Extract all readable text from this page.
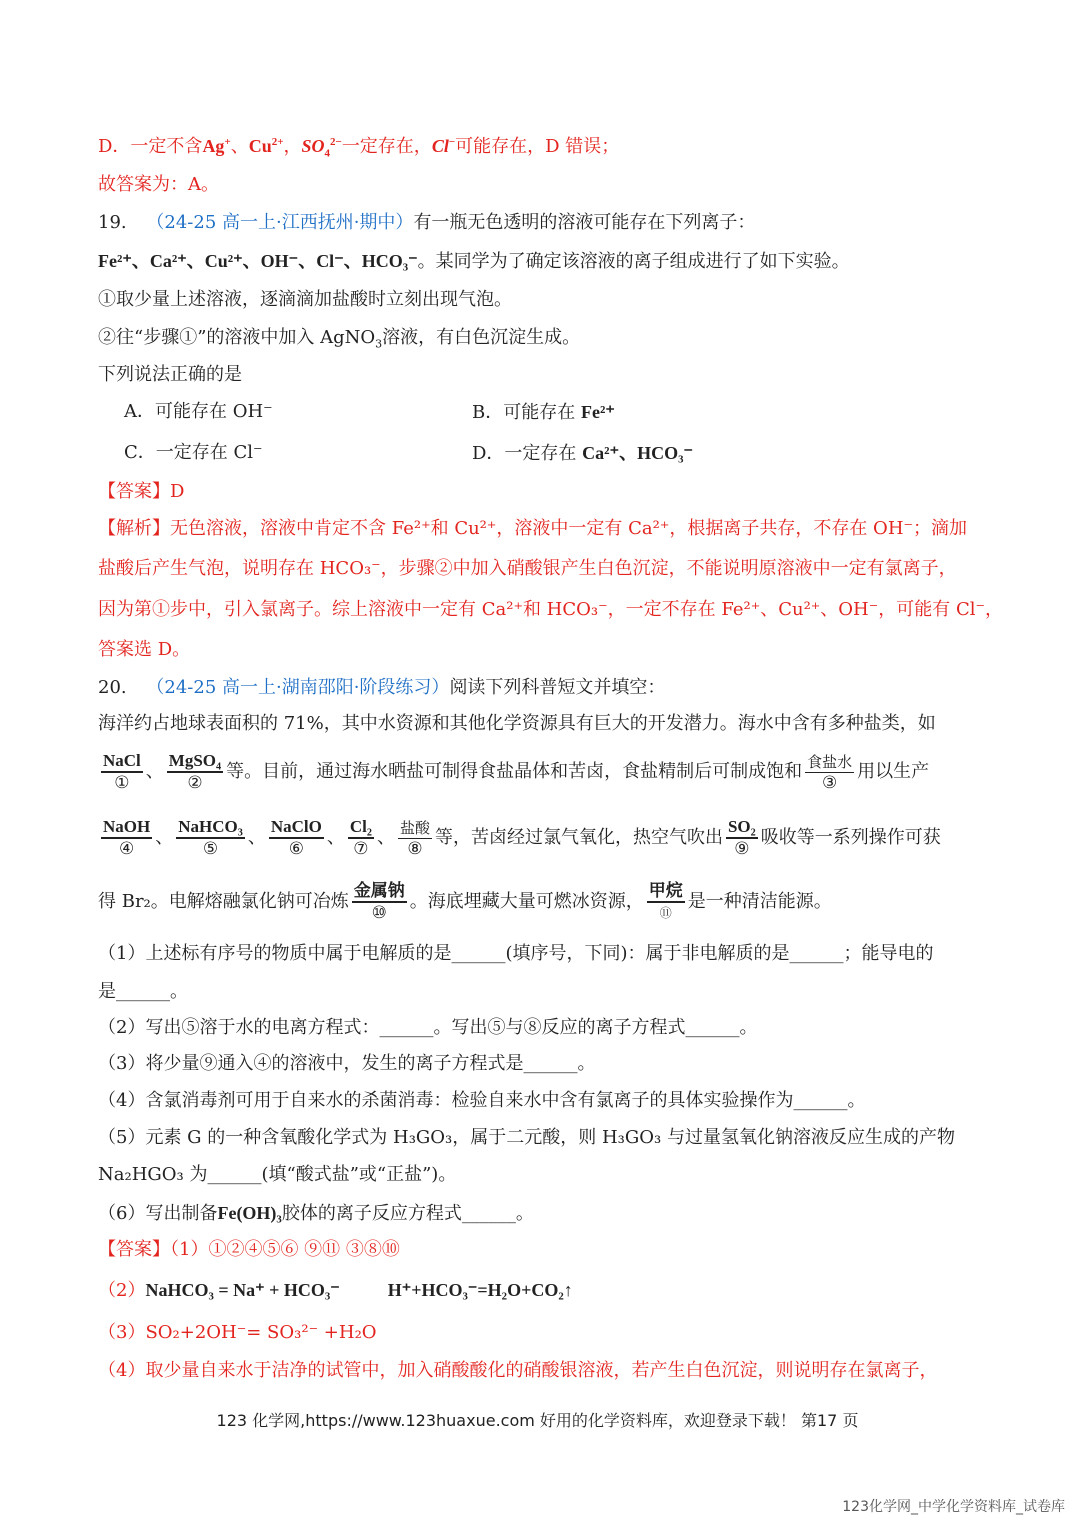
D．一定不含Ag+、$Cu^{2+}$，$SO_4^{2-}$一定存在，Cl−可能存在，D 错误；
故答案为：A。
19. （24-25 高一上·江西抚州·期中）有一瓶无色透明的溶液可能存在下列离子：
Fe²⁺、Ca²⁺、Cu²⁺、OH⁻、Cl⁻、HCO₃⁻。某同学为了确定该溶液的离子组成进行了如下实验。
①取少量上述溶液，逐滴滴加盐酸时立刻出现气泡。
②往“步骤①”的溶液中加入 AgNO$_3$溶液，有白色沉淀生成。
下列说法正确的是
A．可能存在 OH⁻	B．可能存在 Fe²⁺
C．一定存在 Cl⁻	D．一定存在 Ca²⁺、HCO₃⁻
【答案】D
【解析】无色溶液，溶液中肯定不含 Fe²⁺和 Cu²⁺，溶液中一定有 Ca²⁺，根据离子共存，不存在 OH⁻；滴加
盐酸后产生气泡，说明存在 HCO₃⁻，步骤②中加入硝酸银产生白色沉淀，不能说明原溶液中一定有氯离子，
因为第①步中，引入氯离子。综上溶液中一定有 Ca²⁺和 HCO₃⁻，一定不存在 Fe²⁺、Cu²⁺、OH⁻，可能有 Cl⁻，
答案选 D。
20. （24-25 高一上·湖南邵阳·阶段练习）阅读下列科普短文并填空：
海洋约占地球表面积的 71%，其中水资源和其他化学资源具有巨大的开发潜力。海水中含有多种盐类，如
$\frac{\text{NaCl}}{\text{①}}$ 、 $\frac{\text{MgSO₄}}{\text{②}}$ 等。目前，通过海水晒盐可制得食盐晶体和苦卤，食盐精制后可制成饱和 $\frac{\text{食盐水}}{\text{③}}$ 用以生产
$\frac{\text{NaOH}}{\text{④}}$ 、 $\frac{\text{NaHCO₃}}{\text{⑤}}$ 、 $\frac{\text{NaClO}}{\text{⑥}}$ 、 $\frac{\text{Cl₂}}{\text{⑦}}$ 、 $\frac{\text{盐酸}}{\text{⑧}}$ 等，苦卤经过氯气氧化，热空气吹出 $\frac{\text{SO₂}}{\text{⑨}}$ 吸收等一系列操作可获
得 Br₂。电解熔融氯化钠可冶炼 $\frac{\text{金属钠}}{\text{⑩}}$ 。海底埋藏大量可燃冰资源， $\frac{\text{甲烷}}{\text{⑪}}$ 是一种清洁能源。
（1）上述标有序号的物质中属于电解质的是______(填序号，下同)：属于非电解质的是______；能导电的
是______。
（2）写出⑤溶于水的电离方程式：______。写出⑤与⑧反应的离子方程式______。
（3）将少量⑨通入④的溶液中，发生的离子方程式是______。
（4）含氯消毒剂可用于自来水的杀菌消毒：检验自来水中含有氯离子的具体实验操作为______。
（5）元素 G 的一种含氧酸化学式为 H₃GO₃，属于二元酸，则 H₃GO₃ 与过量氢氧化钠溶液反应生成的产物
Na₂HGO₃ 为______(填“酸式盐”或“正盐”)。
（6）写出制备Fe(OH)₃胶体的离子反应方程式______。
【答案】（1）①②④⑤⑥ ⑨⑪ ③⑧⑩
（2）NaHCO₃ = Na⁺ + HCO₃⁻	H⁺+HCO₃⁻=H₂O+CO₂↑
（3）SO₂+2OH⁻= SO₃²⁻ +H₂O
（4）取少量自来水于洁净的试管中，加入硝酸酸化的硝酸银溶液，若产生白色沉淀，则说明存在氯离子，
123 化学网,https://www.123huaxue.com 好用的化学资料库，欢迎登录下载！ 第17 页
123化学网_中学化学资料库_试卷库
